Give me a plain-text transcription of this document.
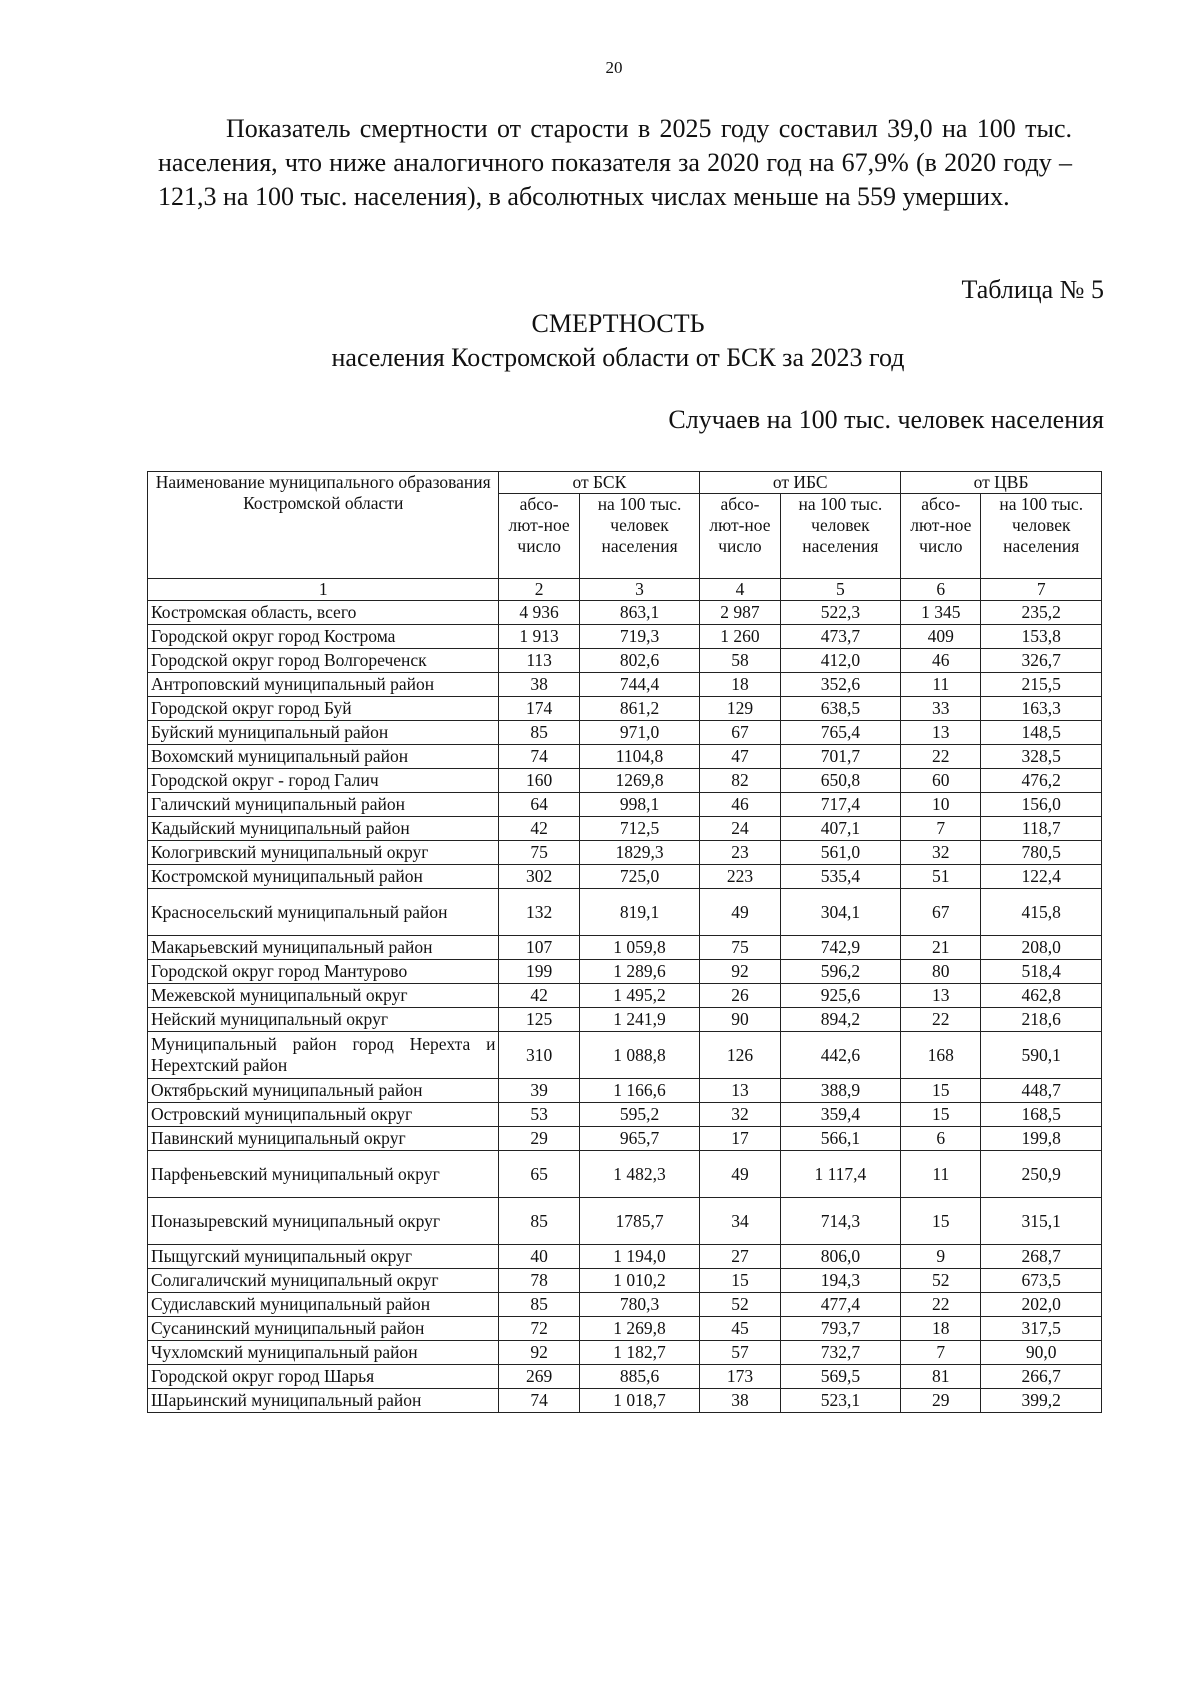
20

Показатель смертности от старости в 2025 году составил 39,0 на 100 тыс. населения, что ниже аналогичного показателя за 2020 год на 67,9% (в 2020 году – 121,3 на 100 тыс. населения), в абсолютных числах меньше на 559 умерших.

Таблица № 5
СМЕРТНОСТЬ
населения Костромской области от БСК за 2023 год
Случаев на 100 тыс. человек населения
Наименование муниципального образования Костромской области	от БСК		от ИБС		от ЦВБ	
	абсо-лют-ное число	на 100 тыс. человек населения	абсо-лют-ное число	на 100 тыс. человек населения	абсо-лют-ное число	на 100 тыс. человек населения
1	2	3	4	5	6	7
Костромская область, всего	4 936	863,1	2 987	522,3	1 345	235,2
Городской округ город Кострома	1 913	719,3	1 260	473,7	409	153,8
Городской округ город Волгореченск	113	802,6	58	412,0	46	326,7
Антроповский муниципальный район	38	744,4	18	352,6	11	215,5
Городской округ город Буй	174	861,2	129	638,5	33	163,3
Буйский муниципальный район	85	971,0	67	765,4	13	148,5
Вохомский муниципальный район	74	1104,8	47	701,7	22	328,5
Городской округ - город Галич	160	1269,8	82	650,8	60	476,2
Галичский муниципальный район	64	998,1	46	717,4	10	156,0
Кадыйский муниципальный район	42	712,5	24	407,1	7	118,7
Кологривский муниципальный округ	75	1829,3	23	561,0	32	780,5
Костромской муниципальный район	302	725,0	223	535,4	51	122,4
Красносельский муниципальный район	132	819,1	49	304,1	67	415,8
Макарьевский муниципальный район	107	1 059,8	75	742,9	21	208,0
Городской округ город Мантурово	199	1 289,6	92	596,2	80	518,4
Межевской муниципальный округ	42	1 495,2	26	925,6	13	462,8
Нейский муниципальный округ	125	1 241,9	90	894,2	22	218,6
Муниципальный район город Нерехта и Нерехтский район	310	1 088,8	126	442,6	168	590,1
Октябрьский муниципальный район	39	1 166,6	13	388,9	15	448,7
Островский муниципальный округ	53	595,2	32	359,4	15	168,5
Павинский муниципальный округ	29	965,7	17	566,1	6	199,8
Парфеньевский муниципальный округ	65	1 482,3	49	1 117,4	11	250,9
Поназыревский муниципальный округ	85	1785,7	34	714,3	15	315,1
Пыщугский муниципальный округ	40	1 194,0	27	806,0	9	268,7
Солигаличский муниципальный округ	78	1 010,2	15	194,3	52	673,5
Судиславский муниципальный район	85	780,3	52	477,4	22	202,0
Сусанинский муниципальный район	72	1 269,8	45	793,7	18	317,5
Чухломский муниципальный район	92	1 182,7	57	732,7	7	90,0
Городской округ город Шарья	269	885,6	173	569,5	81	266,7
Шарьинский муниципальный район	74	1 018,7	38	523,1	29	399,2
